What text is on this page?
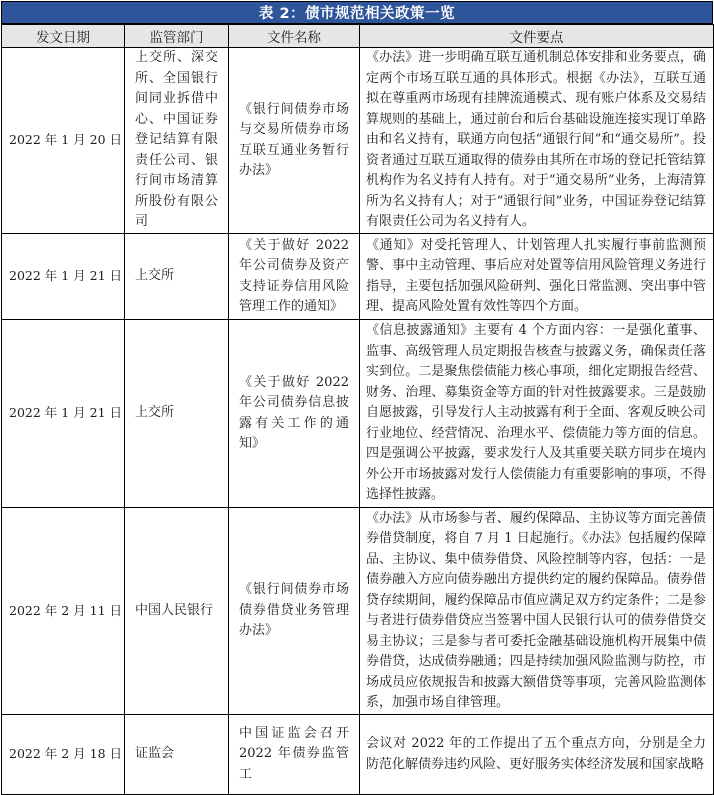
表 2：债市规范相关政策一览
发文日期	监管部门	文件名称	文件要点
2022 年 1 月 20 日	上交所、深交所、全国银行间同业拆借中心、中国证券登记结算有限责任公司、银行间市场清算所股份有限公司	《银行间债券市场与交易所债券市场互联互通业务暂行办法》	《办法》进一步明确互联互通机制总体安排和业务要点，确定两个市场互联互通的具体形式。根据《办法》，互联互通拟在尊重两市场现有挂牌流通模式、现有账户体系及交易结算规则的基础上，通过前台和后台基础设施连接实现订单路由和名义持有，联通方向包括“通银行间”和“通交易所”。投资者通过互联互通取得的债券由其所在市场的登记托管结算机构作为名义持有人持有。对于“通交易所”业务，上海清算所为名义持有人；对于“通银行间”业务，中国证券登记结算有限责任公司为名义持有人。
2022 年 1 月 21 日	上交所	《关于做好 2022 年公司债券及资产支持证券信用风险管理工作的通知》	《通知》对受托管理人、计划管理人扎实履行事前监测预警、事中主动管理、事后应对处置等信用风险管理义务进行指导，主要包括加强风险研判、强化日常监测、突出事中管理、提高风险处置有效性等四个方面。
2022 年 1 月 21 日	上交所	《关于做好 2022 年公司债券信息披露有关工作的通知》	《信息披露通知》主要有 4 个方面内容：一是强化董事、监事、高级管理人员定期报告核查与披露义务，确保责任落实到位。二是聚焦偿债能力核心事项，细化定期报告经营、财务、治理、募集资金等方面的针对性披露要求。三是鼓励自愿披露，引导发行人主动披露有利于全面、客观反映公司行业地位、经营情况、治理水平、偿债能力等方面的信息。四是强调公平披露，要求发行人及其重要关联方同步在境内外公开市场披露对发行人偿债能力有重要影响的事项，不得选择性披露。
2022 年 2 月 11 日	中国人民银行	《银行间债券市场债券借贷业务管理办法》	《办法》从市场参与者、履约保障品、主协议等方面完善债券借贷制度，将自 7 月 1 日起施行。《办法》包括履约保障品、主协议、集中债券借贷、风险控制等内容，包括：一是债券融入方应向债券融出方提供约定的履约保障品。债券借贷存续期间，履约保障品市值应满足双方约定条件；二是参与者进行债券借贷应当签署中国人民银行认可的债券借贷交易主协议；三是参与者可委托金融基础设施机构开展集中债券借贷，达成债券融通；四是持续加强风险监测与防控，市场成员应依规报告和披露大额借贷等事项，完善风险监测体系，加强市场自律管理。
2022 年 2 月 18 日	证监会	中国证监会召开 2022 年债券监管工	会议对 2022 年的工作提出了五个重点方向，分别是全力防范化解债券违约风险、更好服务实体经济发展和国家战略
